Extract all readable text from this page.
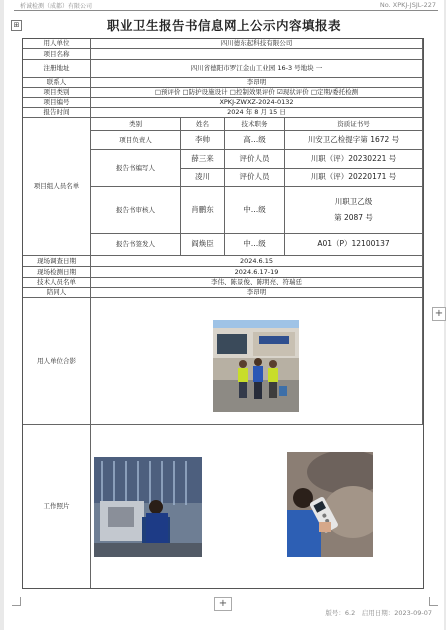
析诚检测（成都）有限公司	No. XPKJ-JSJL-227
⊞	职业卫生报告书信息网上公示内容填报表
用人单位	四川德东起科技有限公司
项目名称
注册地址	四川省德阳市罗江金山工业园 16-3 号地块 一
联系人	李昂明
项目类别	□预评价 □防护设施设计 □控制效果评价 ☑现状评价 □定期/委托检测
项目编号	XPKJ-ZWXZ-2024-0132
报告时间	2024 年 8 月 15 日
项目组人员名单
类别	姓名	技术职务	资质证书号
项目负责人	李帅	高…级	川安卫乙检提字第 1672 号
报告书编写人
薛三来	评价人员	川职（评）20230221 号
凌川	评价人员	川职（评）20220171 号
报告书审核人	肖鹏东	中…级
川职卫乙级
第 2087 号
报告书签发人	阎焕臣	中…级	A01（P）12100137
现场调查日期	2024.6.15
现场检测日期	2024.6.17-19
技术人员名单	李伟、陈景俊、陈明亮、符瑞廷
陪同人	李昂明
用人单位合影
工作照片
+
+
版号：6.2　启用日期：2023-09-07
